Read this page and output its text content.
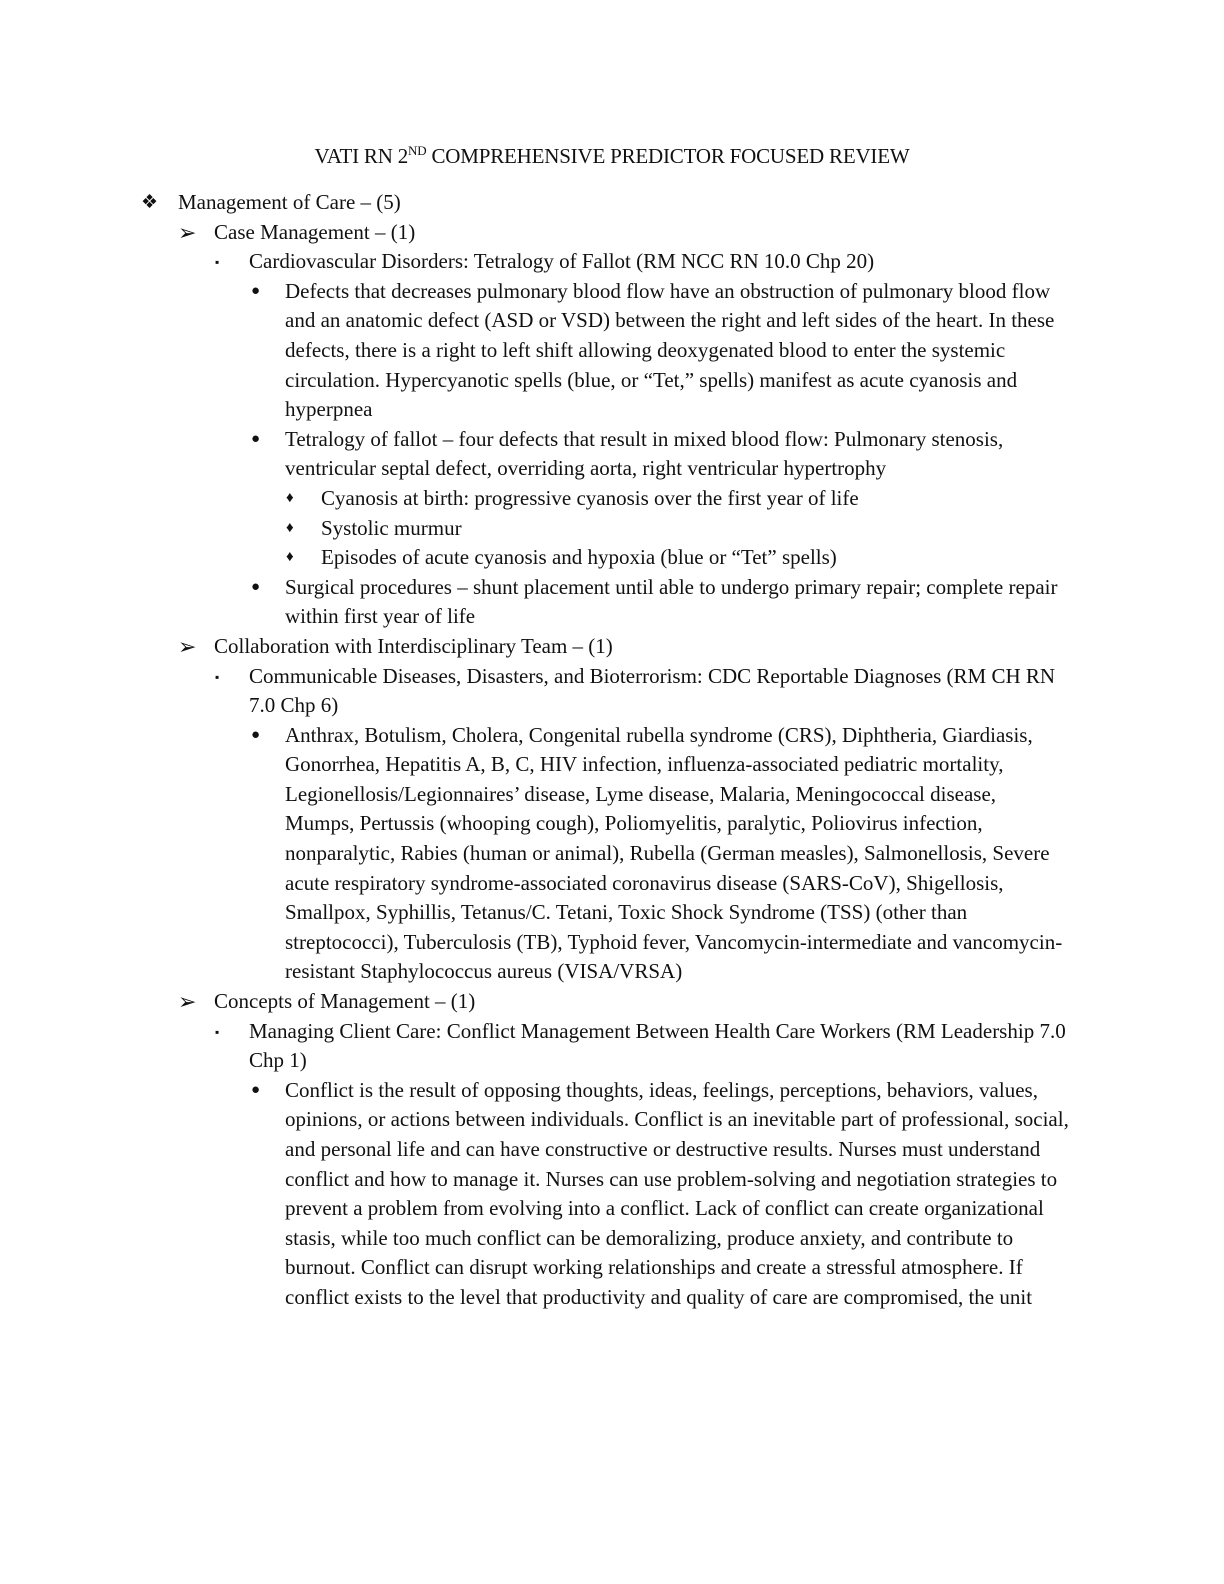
VATI RN 2ND COMPREHENSIVE PREDICTOR FOCUSED REVIEW
❖ Management of Care – (5)
➢ Case Management – (1)
▪ Cardiovascular Disorders: Tetralogy of Fallot (RM NCC RN 10.0 Chp 20)
● Defects that decreases pulmonary blood flow have an obstruction of pulmonary blood flow and an anatomic defect (ASD or VSD) between the right and left sides of the heart. In these defects, there is a right to left shift allowing deoxygenated blood to enter the systemic circulation. Hypercyanotic spells (blue, or “Tet,” spells) manifest as acute cyanosis and hyperpnea
● Tetralogy of fallot – four defects that result in mixed blood flow: Pulmonary stenosis, ventricular septal defect, overriding aorta, right ventricular hypertrophy
♦ Cyanosis at birth: progressive cyanosis over the first year of life
♦ Systolic murmur
♦ Episodes of acute cyanosis and hypoxia (blue or “Tet” spells)
● Surgical procedures – shunt placement until able to undergo primary repair; complete repair within first year of life
➢ Collaboration with Interdisciplinary Team – (1)
▪ Communicable Diseases, Disasters, and Bioterrorism: CDC Reportable Diagnoses (RM CH RN 7.0 Chp 6)
● Anthrax, Botulism, Cholera, Congenital rubella syndrome (CRS), Diphtheria, Giardiasis, Gonorrhea, Hepatitis A, B, C, HIV infection, influenza-associated pediatric mortality, Legionellosis/Legionnaires’ disease, Lyme disease, Malaria, Meningococcal disease, Mumps, Pertussis (whooping cough), Poliomyelitis, paralytic, Poliovirus infection, nonparalytic, Rabies (human or animal), Rubella (German measles), Salmonellosis, Severe acute respiratory syndrome-associated coronavirus disease (SARS-CoV), Shigellosis, Smallpox, Syphillis, Tetanus/C. Tetani, Toxic Shock Syndrome (TSS) (other than streptococci), Tuberculosis (TB), Typhoid fever, Vancomycin-intermediate and vancomycin-resistant Staphylococcus aureus (VISA/VRSA)
➢ Concepts of Management – (1)
▪ Managing Client Care: Conflict Management Between Health Care Workers (RM Leadership 7.0 Chp 1)
● Conflict is the result of opposing thoughts, ideas, feelings, perceptions, behaviors, values, opinions, or actions between individuals. Conflict is an inevitable part of professional, social, and personal life and can have constructive or destructive results. Nurses must understand conflict and how to manage it. Nurses can use problem-solving and negotiation strategies to prevent a problem from evolving into a conflict. Lack of conflict can create organizational stasis, while too much conflict can be demoralizing, produce anxiety, and contribute to burnout. Conflict can disrupt working relationships and create a stressful atmosphere. If conflict exists to the level that productivity and quality of care are compromised, the unit
